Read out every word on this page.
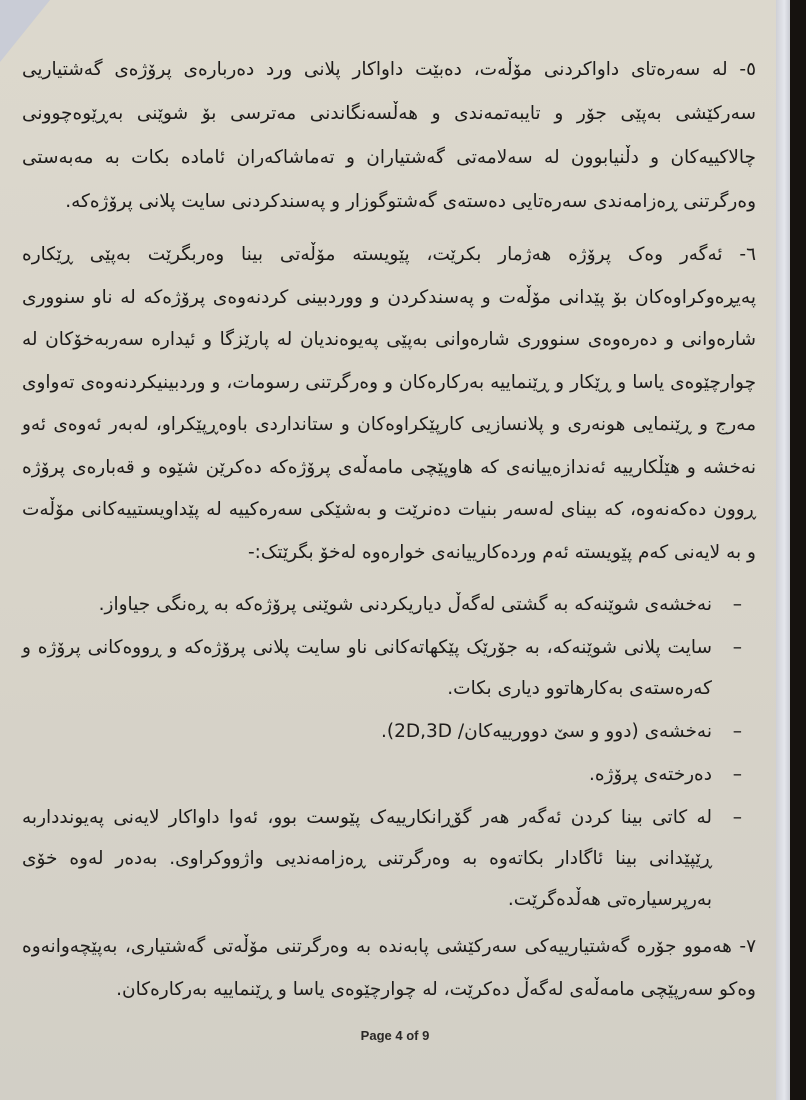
٥- لە سەرەتای داواکردنی مۆڵەت، دەبێت داواکار پلانی ورد دەربارەی پرۆژەی گەشتیاریی سەرکێشی بەپێی جۆر و تایبەتمەندی و هەڵسەنگاندنی مەترسی بۆ شوێنی بەڕێوەچوونی چالاکییەکان و دڵنیابوون لە سەلامەتی گەشتیاران و تەماشاکەران ئامادە بکات بە مەبەستی وەرگرتنی ڕەزامەندی سەرەتایی دەستەی گەشتوگوزار و پەسندکردنی سایت پلانی پرۆژەکە.

٦- ئەگەر وەک پرۆژە هەژمار بکرێت، پێویستە مۆڵەتی بینا وەربگرێت بەپێی ڕێکارە پەیڕەوکراوەکان بۆ پێدانی مۆڵەت و پەسندکردن و ووردبینی کردنەوەی پرۆژەکە لە ناو سنووری شارەوانی و دەرەوەی سنووری شارەوانی بەپێی پەیوەندیان لە پارێزگا و ئیدارە سەربەخۆکان لە چوارچێوەی یاسا و ڕێکار و ڕێنماییە بەرکارەکان و وەرگرتنی رسومات، و وردبینیکردنەوەی تەواوی مەرج و ڕێنمایی هونەری و پلانسازیی کارپێکراوەکان و ستانداردی باوەڕپێکراو، لەبەر ئەوەی ئەو نەخشە و هێڵکارییە ئەندازەییانەی کە هاوپێچی مامەڵەی پرۆژەکە دەکرێن شێوە و قەبارەی پرۆژە ڕوون دەکەنەوە، کە بینای لەسەر بنیات دەنرێت و بەشێکی سەرەکییە لە پێداویستییەکانی مۆڵەت و بە لایەنی کەم پێویستە ئەم وردەکارییانەی خوارەوە لەخۆ بگرێتک:-

–
نەخشەی شوێنەکە بە گشتی لەگەڵ دیاریکردنی شوێنی پرۆژەکە بە ڕەنگی جیاواز.
–
سایت پلانی شوێنەکە، بە جۆرێک پێکهاتەکانی ناو سایت پلانی پرۆژەکە و ڕووەکانی پرۆژە و کەرەستەی بەکارهاتوو دیاری بکات.
–
نەخشەی (دوو و سێ دوورییەکان/ 2D,3D).
–
دەرختەی پرۆژە.
–
لە کاتی بینا کردن ئەگەر هەر گۆڕانکارییەک پێوست بوو، ئەوا داواکار لایەنی پەیوندداربە ڕێپێدانی بینا ئاگادار بکاتەوە بە وەرگرتنی ڕەزامەندیی واژووکراوی. بەدەر لەوە خۆی بەرپرسیارەتی هەڵدەگرێت.

٧- هەموو جۆرە گەشتیارییەکی سەرکێشی پابەندە بە وەرگرتنی مۆڵەتی گەشتیاری، بەپێچەوانەوە وەکو سەرپێچی مامەڵەی لەگەڵ دەکرێت، لە چوارچێوەی یاسا و ڕێنماییە بەرکارەکان.

Page 4 of 9
